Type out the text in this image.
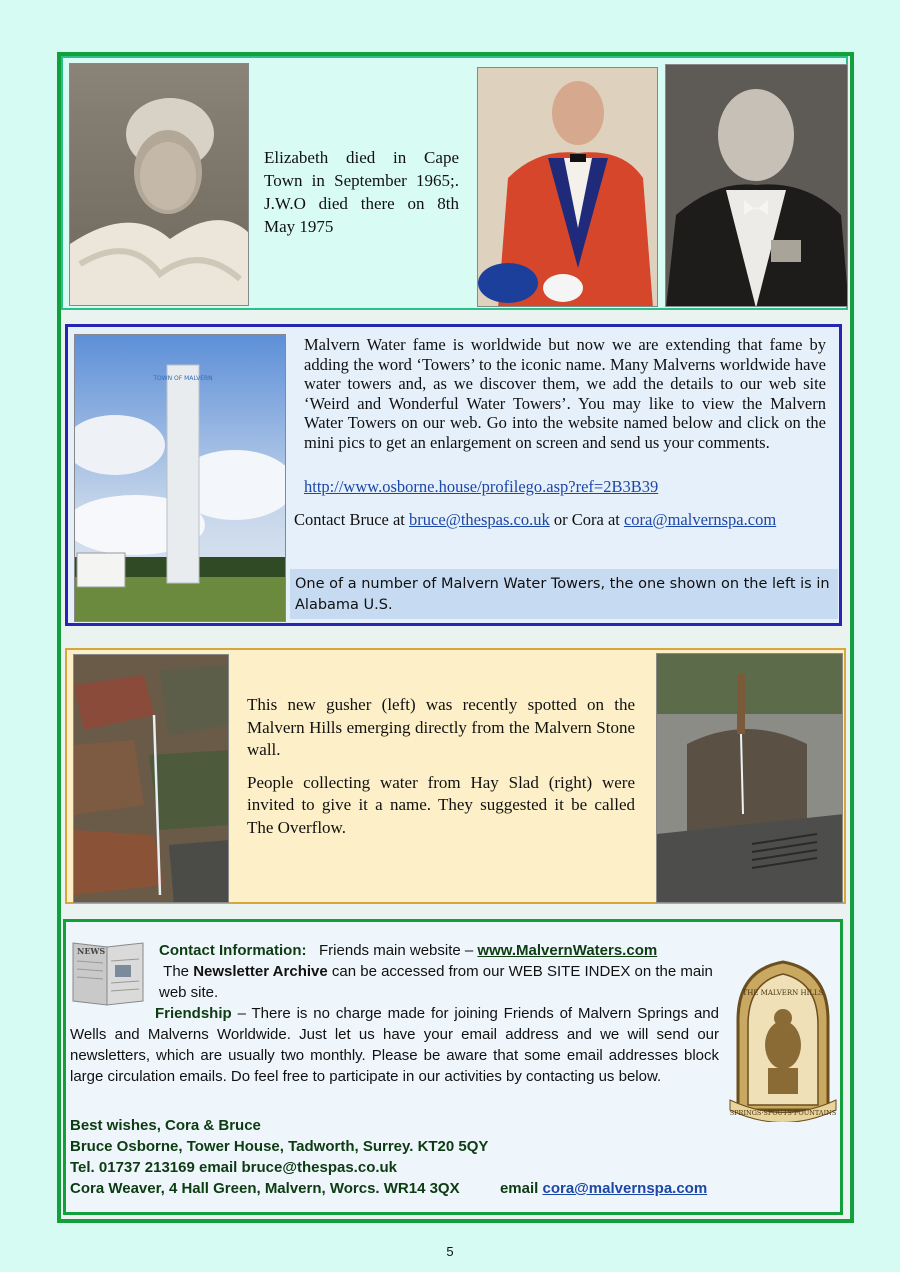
Elizabeth died in Cape Town in September 1965;. J.W.O died there on 8th May 1975
TOWN OF MALVERN
Malvern Water fame is worldwide but now we are extending that fame by adding the word ‘Towers’ to the iconic name. Many Malverns worldwide have water towers and, as we discover them, we add the details to our web site ‘Weird and Wonderful Water Towers’. You may like to view the Malvern Water Towers on our web. Go into the website named below and click on the mini pics to get an enlargement on screen and send us your comments.
http://www.osborne.house/profilego.asp?ref=2B3B39
Contact Bruce at bruce@thespas.co.uk or Cora at cora@malvernspa.com
One of a number of Malvern Water Towers, the one shown on the left is in Alabama U.S.

This new gusher (left) was recently spotted on the Malvern Hills emerging directly from the Malvern Stone wall.

People collecting water from Hay Slad (right) were invited to give it a name. They suggested it be called The Overflow.

NEWS	Contact Information: Friends main website – www.MalvernWaters.com
The Newsletter Archive can be accessed from our WEB SITE INDEX on the main web site.
Friendship – There is no charge made for joining Friends of Malvern Springs and Wells and Malverns Worldwide. Just let us have your email address and we will send our newsletters, which are usually two monthly. Please be aware that some email addresses block large circulation emails. Do feel free to participate in our activities by contacting us below.
THE MALVERN HILLS
SPRINGS·SPOUTS·FOUNTAINS
Best wishes, Cora & Bruce
Bruce Osborne, Tower House, Tadworth, Surrey. KT20 5QY
Tel. 01737 213169 email bruce@thespas.co.uk
Cora Weaver, 4 Hall Green, Malvern, Worcs. WR14 3QX	email cora@malvernspa.com
5
